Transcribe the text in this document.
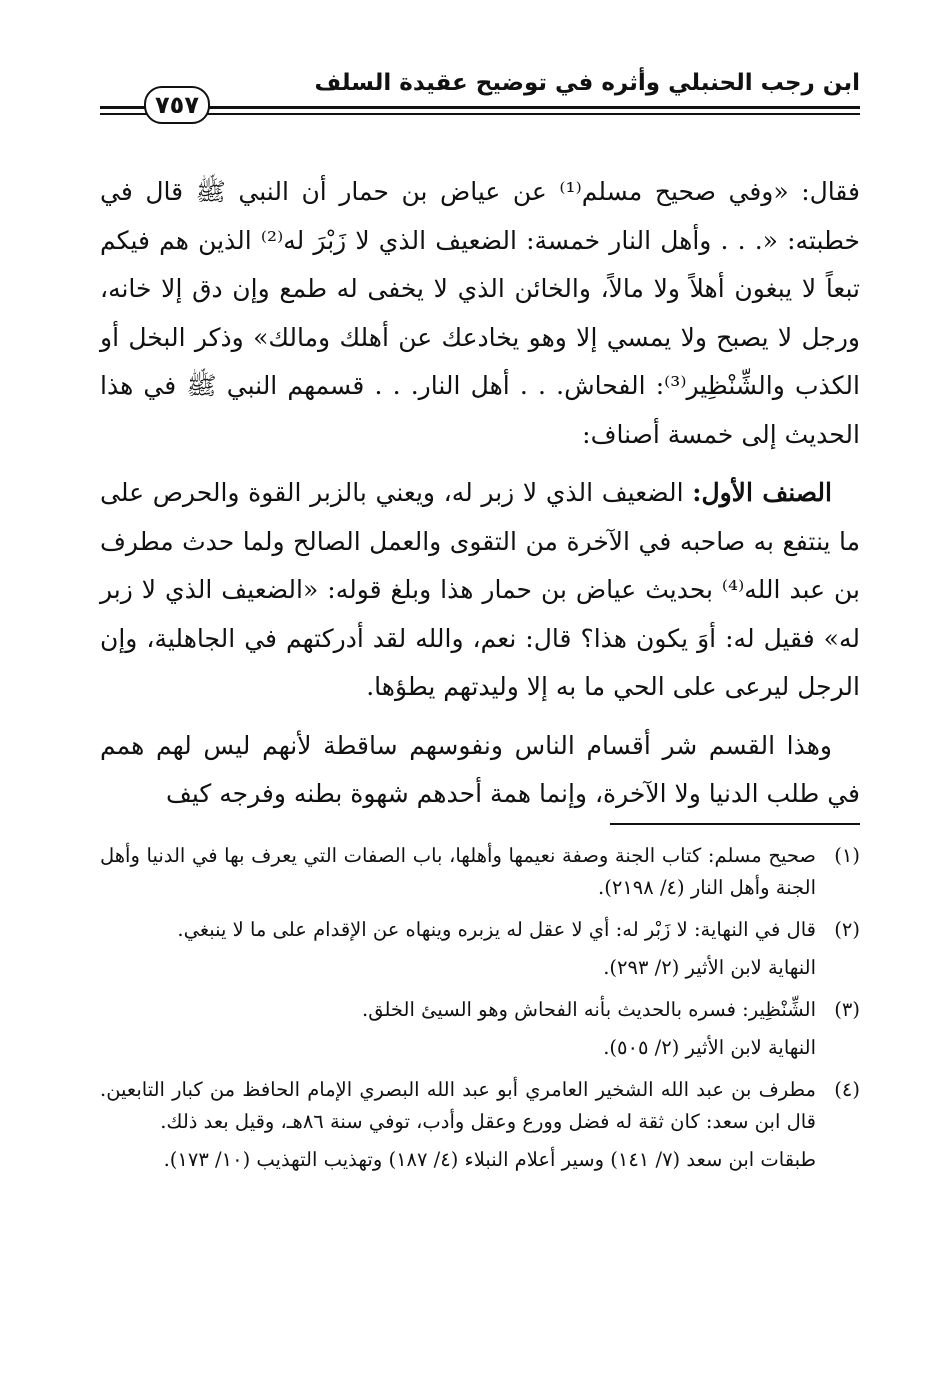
ابن رجب الحنبلي وأثره في توضيح عقيدة السلف
٧٥٧

فقال: «وفي صحيح مسلم⁽¹⁾ عن عياض بن حمار أن النبي ﷺ قال في خطبته: «. . . وأهل النار خمسة: الضعيف الذي لا زَبْرَ له⁽²⁾ الذين هم فيكم تبعاً لا يبغون أهلاً ولا مالاً، والخائن الذي لا يخفى له طمع وإن دق إلا خانه، ورجل لا يصبح ولا يمسي إلا وهو يخادعك عن أهلك ومالك» وذكر البخل أو الكذب والشِّنْظِير⁽³⁾: الفحاش. . . أهل النار. . . قسمهم النبي ﷺ في هذا الحديث إلى خمسة أصناف:

الصنف الأول: الضعيف الذي لا زبر له، ويعني بالزبر القوة والحرص على ما ينتفع به صاحبه في الآخرة من التقوى والعمل الصالح ولما حدث مطرف بن عبد الله⁽⁴⁾ بحديث عياض بن حمار هذا وبلغ قوله: «الضعيف الذي لا زبر له» فقيل له: أوَ يكون هذا؟ قال: نعم، والله لقد أدركتهم في الجاهلية، وإن الرجل ليرعى على الحي ما به إلا وليدتهم يطؤها.

وهذا القسم شر أقسام الناس ونفوسهم ساقطة لأنهم ليس لهم همم في طلب الدنيا ولا الآخرة، وإنما همة أحدهم شهوة بطنه وفرجه كيف

(١)
صحيح مسلم: كتاب الجنة وصفة نعيمها وأهلها، باب الصفات التي يعرف بها في الدنيا وأهل الجنة وأهل النار (٤/ ٢١٩٨).
(٢)
قال في النهاية: لا زَبْر له: أي لا عقل له يزبره وينهاه عن الإقدام على ما لا ينبغي.
النهاية لابن الأثير (٢/ ٢٩٣).
(٣)
الشِّنْظِير: فسره بالحديث بأنه الفحاش وهو السيئ الخلق.
النهاية لابن الأثير (٢/ ٥٠٥).
(٤)
مطرف بن عبد الله الشخير العامري أبو عبد الله البصري الإمام الحافظ من كبار التابعين. قال ابن سعد: كان ثقة له فضل وورع وعقل وأدب، توفي سنة ٨٦هـ، وقيل بعد ذلك.
طبقات ابن سعد (٧/ ١٤١) وسير أعلام النبلاء (٤/ ١٨٧) وتهذيب التهذيب (١٠/ ١٧٣).
